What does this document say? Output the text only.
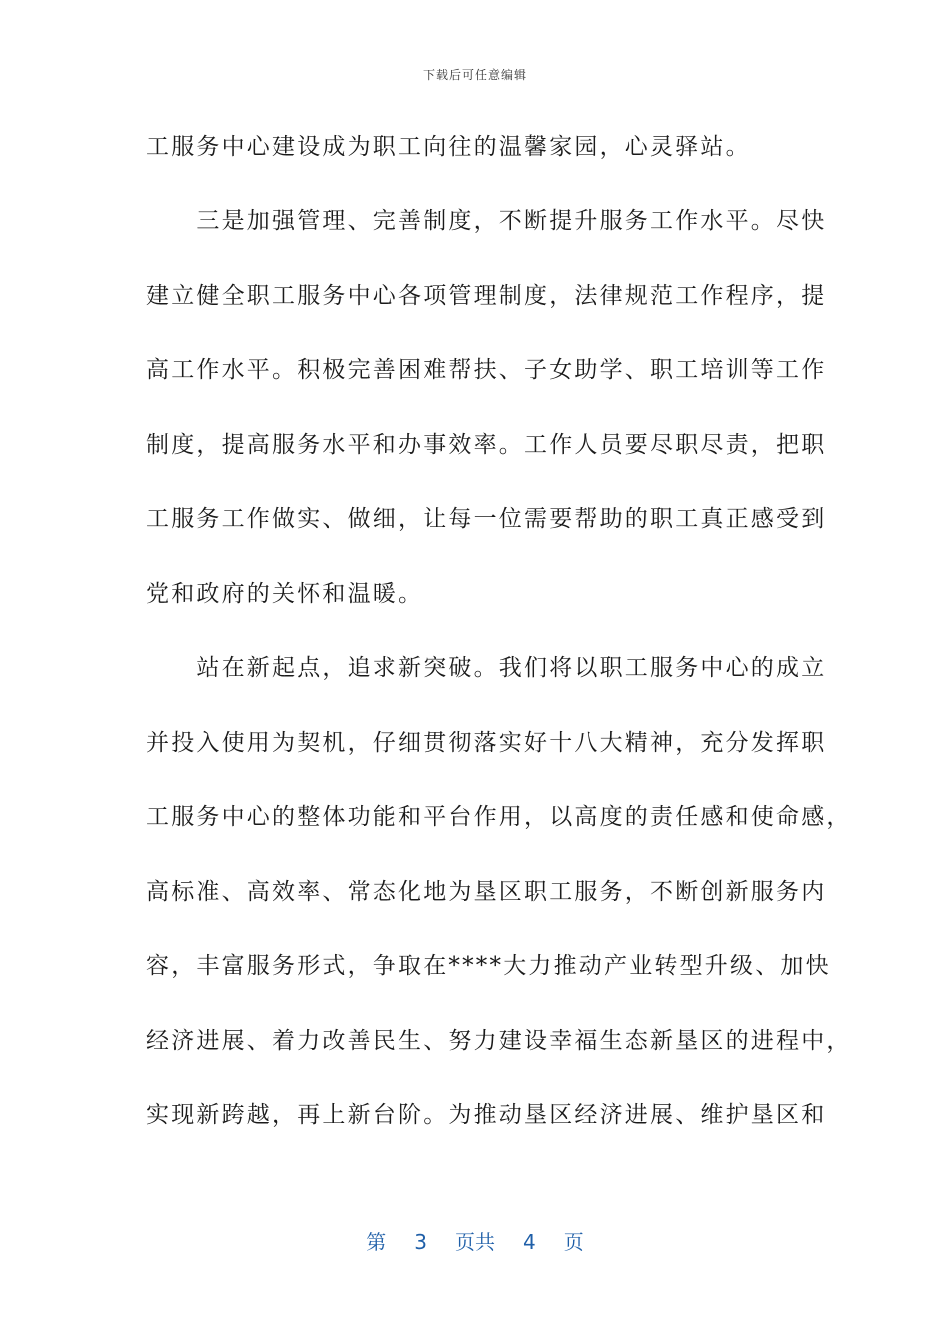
下载后可任意编辑
工服务中心建设成为职工向往的温馨家园，心灵驿站。
　　三是加强管理、完善制度，不断提升服务工作水平。尽快
建立健全职工服务中心各项管理制度，法律规范工作程序，提
高工作水平。积极完善困难帮扶、子女助学、职工培训等工作
制度，提高服务水平和办事效率。工作人员要尽职尽责，把职
工服务工作做实、做细，让每一位需要帮助的职工真正感受到
党和政府的关怀和温暖。
　　站在新起点，追求新突破。我们将以职工服务中心的成立
并投入使用为契机，仔细贯彻落实好十八大精神，充分发挥职
工服务中心的整体功能和平台作用，以高度的责任感和使命感，
高标准、高效率、常态化地为垦区职工服务，不断创新服务内
容，丰富服务形式，争取在****大力推动产业转型升级、加快
经济进展、着力改善民生、努力建设幸福生态新垦区的进程中，
实现新跨越，再上新台阶。为推动垦区经济进展、维护垦区和
第 3 页共 4 页
